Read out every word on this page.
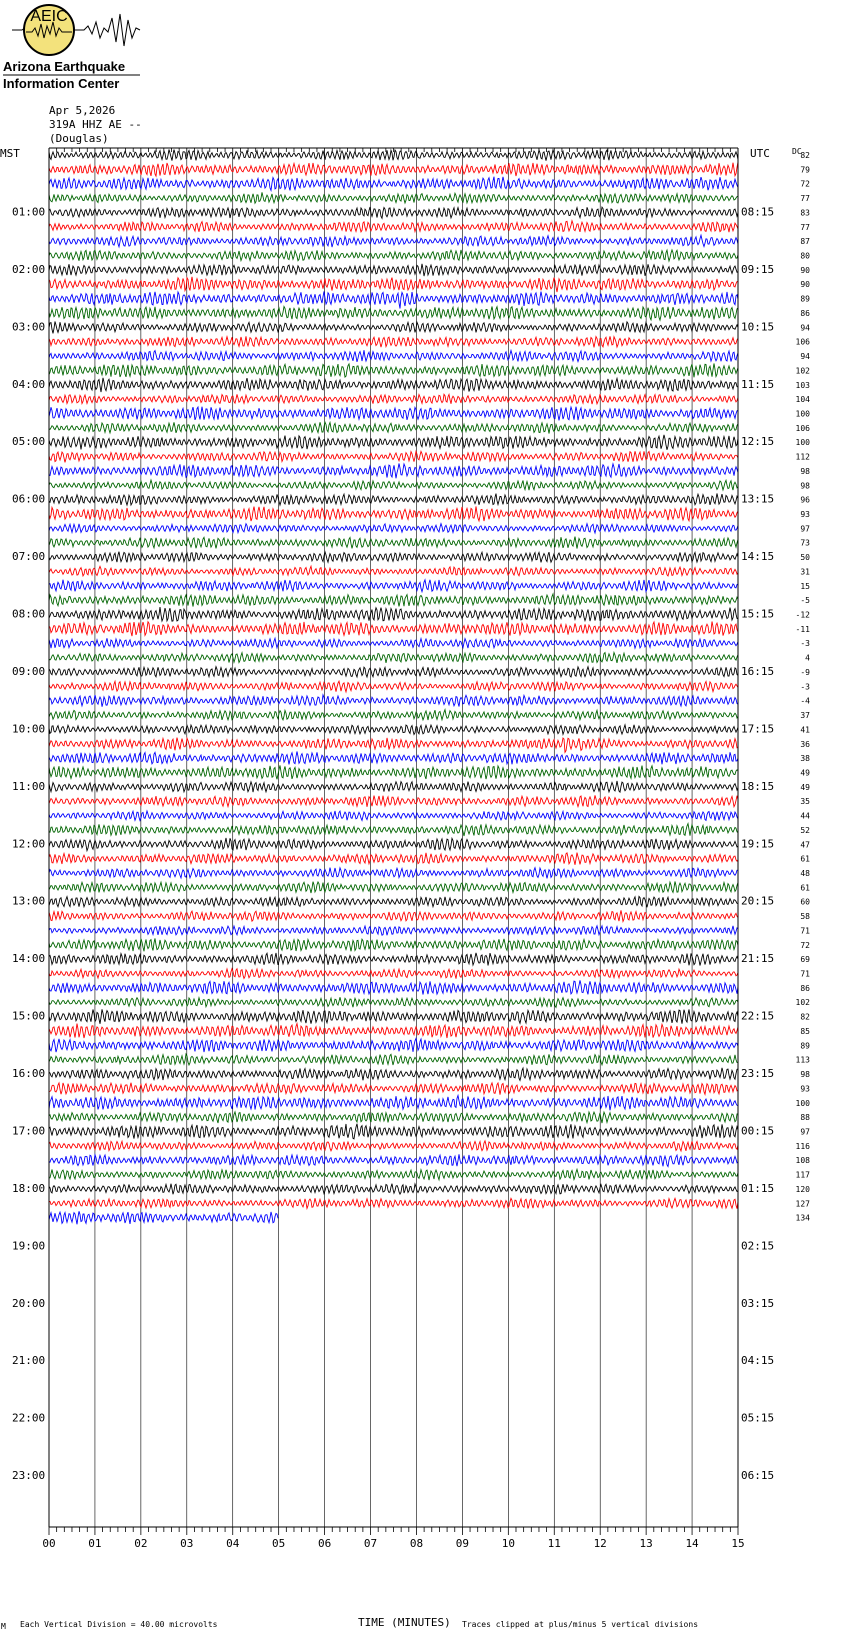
AEIC
Arizona Earthquake
Information Center
Apr 5,2026
319A HHZ AE --
(Douglas)
00	01	02	03	04	05	06	07	08	09	10	11	12	13	14	15
01:00
02:00
03:00
04:00
05:00
06:00
07:00
08:00
09:00
10:00
11:00
12:00
13:00
14:00
15:00
16:00
17:00
18:00
19:00
20:00
21:00
22:00
23:00
08:15
09:15
10:15
11:15
12:15
13:15
14:15
15:15
16:15
17:15
18:15
19:15
20:15
21:15
22:15
23:15
00:15
01:15
02:15
03:15
04:15
05:15
06:15
82
79
72
77
83
77
87
80
90
90
89
86
94
106
94
102
103
104
100
106
100
112
98
98
96
93
97
73
50
31
15
-5
-12
-11
-3
4
-9
-3
-4
37
41
36
38
49
49
35
44
52
47
61
48
61
60
58
71
72
69
71
86
102
82
85
89
113
98
93
100
88
97
116
108
117
120
127
134
MST	UTC	DC
M Each Vertical Division = 40.00 microvolts	TIME (MINUTES) Traces clipped at plus/minus 5 vertical divisions
